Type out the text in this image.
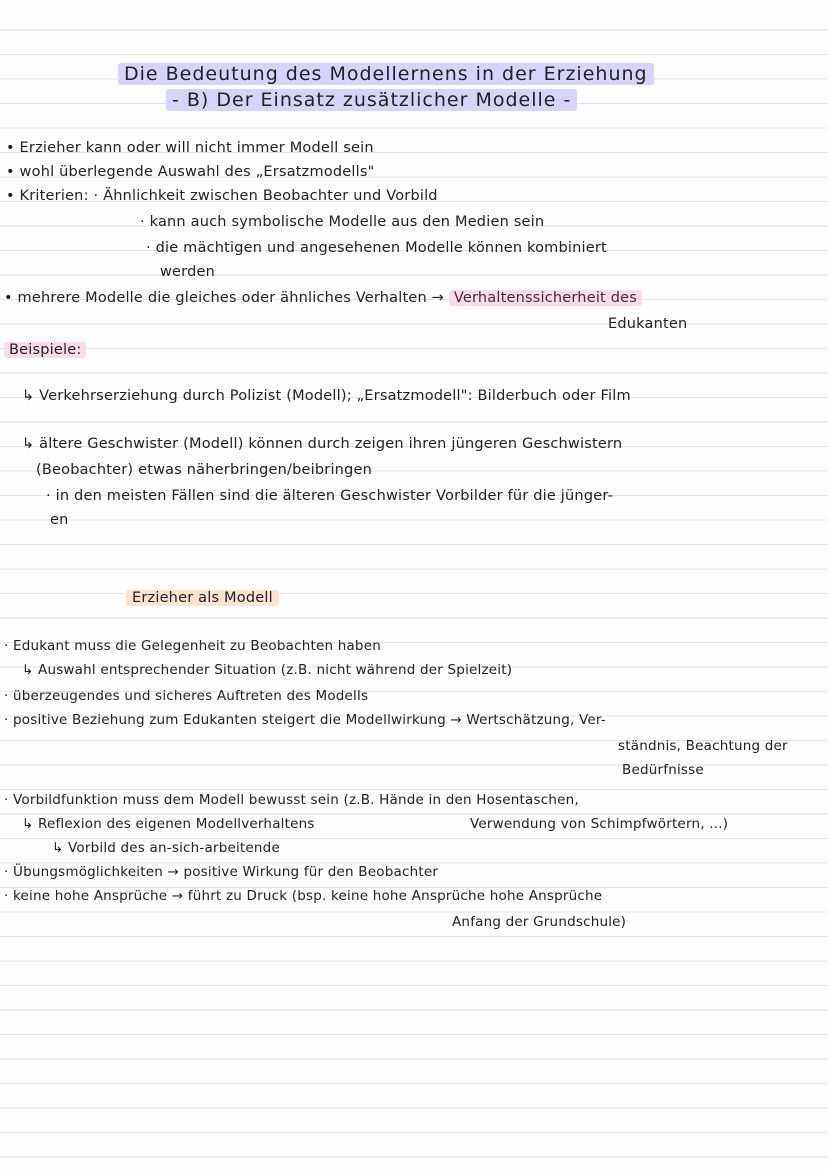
Die Bedeutung des Modellernens in der Erziehung
- B) Der Einsatz zusätzlicher Modelle -
• Erzieher kann oder will nicht immer Modell sein
• wohl überlegende Auswahl des „Ersatzmodells"
• Kriterien: · Ähnlichkeit zwischen Beobachter und Vorbild
· kann auch symbolische Modelle aus den Medien sein
· die mächtigen und angesehenen Modelle können kombiniert
werden
• mehrere Modelle die gleiches oder ähnliches Verhalten → Verhaltenssicherheit des
Edukanten
Beispiele:
↳ Verkehrserziehung durch Polizist (Modell); „Ersatzmodell": Bilderbuch oder Film
↳ ältere Geschwister (Modell) können durch zeigen ihren jüngeren Geschwistern
(Beobachter) etwas näherbringen/beibringen
· in den meisten Fällen sind die älteren Geschwister Vorbilder für die jünger-
en
Erzieher als Modell
· Edukant muss die Gelegenheit zu Beobachten haben
↳ Auswahl entsprechender Situation (z.B. nicht während der Spielzeit)
· überzeugendes und sicheres Auftreten des Modells
· positive Beziehung zum Edukanten steigert die Modellwirkung → Wertschätzung, Ver-
ständnis, Beachtung der
Bedürfnisse
· Vorbildfunktion muss dem Modell bewusst sein (z.B. Hände in den Hosentaschen,
↳ Reflexion des eigenen Modellverhaltens	Verwendung von Schimpfwörtern, ...)
↳ Vorbild des an-sich-arbeitende
· Übungsmöglichkeiten → positive Wirkung für den Beobachter
· keine hohe Ansprüche → führt zu Druck (bsp. keine hohe Ansprüche hohe Ansprüche
Anfang der Grundschule)
